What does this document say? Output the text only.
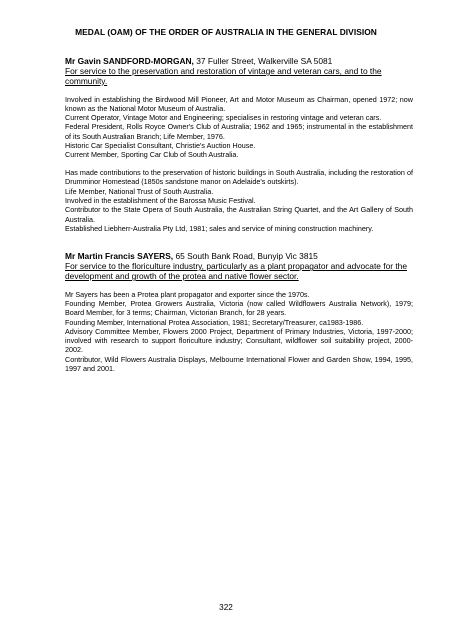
MEDAL (OAM) OF THE ORDER OF AUSTRALIA IN THE GENERAL DIVISION
Mr Gavin SANDFORD-MORGAN, 37 Fuller Street, Walkerville SA 5081
For service to the preservation and restoration of vintage and veteran cars, and to the community.
Involved in establishing the Birdwood Mill Pioneer, Art and Motor Museum as Chairman, opened 1972; now known as the National Motor Museum of Australia.
Current Operator, Vintage Motor and Engineering; specialises in restoring vintage and veteran cars.
Federal President, Rolls Royce Owner's Club of Australia; 1962 and 1965; instrumental in the establishment of its South Australian Branch; Life Member, 1976.
Historic Car Specialist Consultant, Christie's Auction House.
Current Member, Sporting Car Club of South Australia.
Has made contributions to the preservation of historic buildings in South Australia, including the restoration of Drumminor Homestead (1850s sandstone manor on Adelaide's outskirts).
Life Member, National Trust of South Australia.
Involved in the establishment of the Barossa Music Festival.
Contributor to the State Opera of South Australia, the Australian String Quartet, and the Art Gallery of South Australia.
Established Liebherr-Australia Pty Ltd, 1981; sales and service of mining construction machinery.
Mr Martin Francis SAYERS, 65 South Bank Road, Bunyip Vic 3815
For service to the floriculture industry, particularly as a plant propagator and advocate for the development and growth of the protea and native flower sector.
Mr Sayers has been a Protea plant propagator and exporter since the 1970s.
Founding Member, Protea Growers Australia, Victoria (now called Wildflowers Australia Network), 1979; Board Member, for 3 terms; Chairman, Victorian Branch, for 28 years.
Founding Member, International Protea Association, 1981; Secretary/Treasurer, ca1983-1986.
Advisory Committee Member, Flowers 2000 Project, Department of Primary Industries, Victoria, 1997-2000; involved with research to support floriculture industry; Consultant, wildflower soil suitability project, 2000-2002.
Contributor, Wild Flowers Australia Displays, Melbourne International Flower and Garden Show, 1994, 1995, 1997 and 2001.
322
